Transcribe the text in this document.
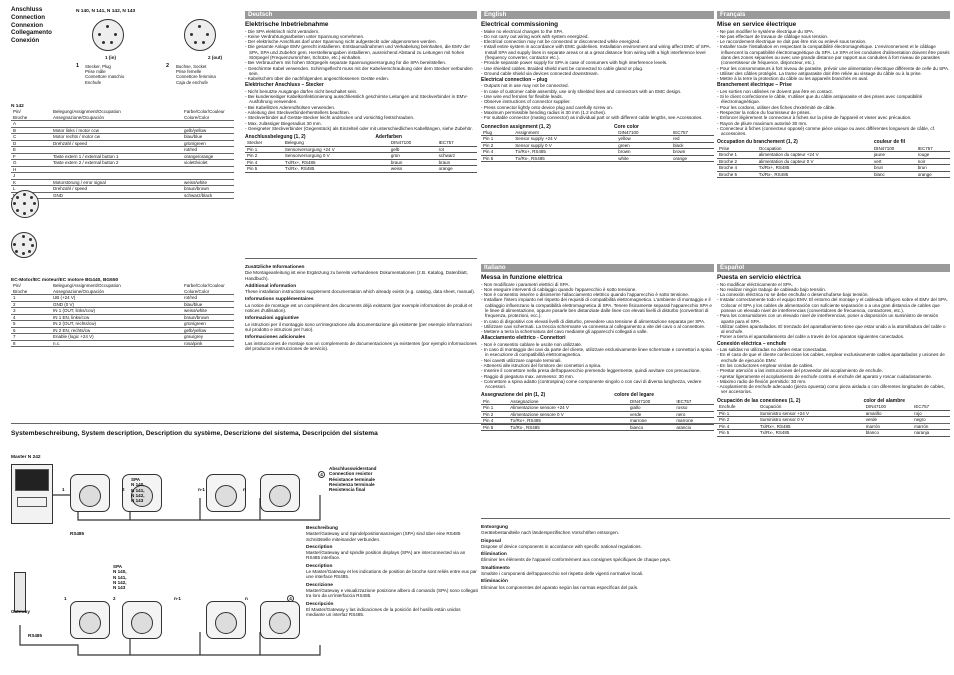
Anschluss
Connection
Connexion
Collegamento
Conexión
N 140, N 141, N 142, N 143
1 (in)	2 (out)
1 Stecker, Plug
Prise mâle
Connettore maschio
Enchufe
2 Buchse, Socket
Prise femelle
Connettore femmina
Caja de enchufe
N 142
Pin/	Belegung/Assignment/Occupation	Farbe/Color/Couleur
Broche	Assegnazione/Ocupación	Colore/Color
A		
B	Motor links / motor ccw	gelb/yellow
C	Motor rechts / motor cw	blau/blue
D	Drehzahl / speed	grün/green
E		rot/red
F	Taste extern 1 / external button 1	orange/orange
G	Taste extern 2 / external button 2	violett/violet
H		
J		
K	Motorstörung / error signal	weiss/white
L	Drehzahl / speed	braun/brown
	GND	schwarz/black
EC-Motor/EC moteur/EC motore BG440, BG650
Pin/	Belegung/Assignment/Occupation	Farbe/Color/Couleur
Broche	Assegnazione/Ocupación	Colore/Color
1	UB (+24 V)	rot/red
2	GND (0 V)	blau/blue
3	IN 1 (OUT, links/ccw)	weiss/white
4	IN 1 EN, links/ccw	braun/brown
5	IN 2 (OUT, rechts/cw)	grün/green
6	IN 2 EN, rechts/cw	gelb/yellow
7	Enable (logic +24 V)	grau/grey
8	n.c.	rosa/pink
Deutsch
Elektrische Inbetriebnahme
- Die SPA elektrisch nicht verändern.
- Keine Verdrahtungsarbeiten unter Spannung vornehmen.
- Der elektrische Anschluss darf unter Spannung nicht aufgesteckt oder abgenommen werden.
- Die gesamte Anlage EMV gerecht installieren. Entstaumaßnahmen und Verkabelung beinhalten, die EMV der SPA, SPA und Zubehör gem. Herstellerangaben installieren, ausreichend Abstand zu Leitungen mit hohen Störpegel (Frequenzumrichter, Schütze, etc.) einhalten.
- Bei Verbrauchern mit hohen Störpegeln separate Spannungsversorgung für die SPA bereitstellen.
- Geschirmte Kabel verwenden. Schirmgeflecht muss mit der Kabelverschraubung oder dem Stecker verbunden sein.
- Kabelschirm über die nachfolgenden angeschlossenen Geräte erden.
Elektrischer Anschluss – Stecker
- Nicht benutzte Ausgänge dürfen nicht beschaltet sein.
- Bei kundenseitiger Kabelkonfektionierung ausschliesslich geschirmte Leitungen und Steckverbinder in EMV-Ausführung verwenden.
- Bei Kabellitzen Aderendhülsen verwenden.
- Anleitung des Steckverbinderherstellers beachten.
- Steckverbinder auf Geräte-Stecker leicht andrücken und vorsichtig festschrauben.
- Max. zulässiger Biegeradius 30 mm.
- Geeigneter Steckverbinder (Gegenstück) als Einzelteil oder mit unterschiedlichen Kabellängen, siehe Zubehör.
Anschlussbelegung (1, 2)	Aderfarben
Stecker	Belegung	DIN47100	IEC757
Pin 1	Sensorversorgung +24 V	gelb	rot
Pin 2	Sensorversorgung 0 V	grün	schwarz
Pin 4	Tx/Rx+, RS485	braun	braun
Pin 5	Tx/Rx-, RS485	weiss	orange
English
Electrical commissioning
- Make no electrical changes to the SPA.
- Do not carry out wiring work with system energized.
- Electrical connection may not be connected or disconnected while energized.
- Install entire system in accordance with EMC guidelines. Installation environment and wiring affect EMC of SPA. Install SPA and supply lines in separate areas or at a great distance from wiring with a high interference level (frequency converter, contactor etc.).
- Provide separate power supply for SPA in case of consumers with high interference levels.
- Use shielded cables. Braided shield must be connected to cable gland or plug.
- Ground cable shield via devices connected downstream.
Electrical connection – plug
- Outputs not in use may not be connected.
- In case of customer cable assembly, use only shielded lines and connectors with an EMC design.
- Use wire end ferrules for flexible leads.
- Observe instructions of connector supplier.
- Press connector lightly onto device plug and carefully screw on.
- Maximum permissible bending radius is 30 mm (1.2 inches).
- For suitable connector (mating connector) as individual part or with different cable lengths, see Accessories.
Connection assignment (1, 2)	Core color
Plug	Assignment	DIN47100	IEC757
Pin 1	Sensor supply +24 V	yellow	red
Pin 2	Sensor supply 0 V	green	black
Pin 4	Tx/Rx+, RS485	brown	brown
Pin 5	Tx/Rx-, RS485	white	orange
Français
Mise en service électrique
- Ne pas modifier le système électrique du SPA.
- Ne pas effectuer de travaux de câblage sous tension.
- Le raccordement électrique ne doit pas être mis ou enlevé sous tension.
- Installer toute l'installation en respectant la compatibilité électromagnétique. L'environnement et le câblage influencent la compatibilité électromagnétique du SPA. Le SPA et les conduites d'alimentation doivent être posés dans des zones séparées ou avec une grande distance par rapport aux conduites à fort niveau de parasites (convertisseur de fréquence, disjoncteur, etc.).
- Pour les consommateurs à fort niveau de parasite, prévoir une alimentation électrique différente de celle du SPA.
- Utiliser des câbles protégés. La trame antiparasite doit être reliée au vissage du câble ou à la prise.
- Mettre à la terre la protection du câble ou les appareils branchés en aval.
Branchement électrique – Prise
- Les sorties non utilisées ne doivent pas être en contact.
- Si le client confectionne le câble, n'utiliser que du câble antiparasite et des prises avec compatibilité électromagnétique.
- Pour les cordons, utiliser des fiches d'extrémité de câble.
- Respecter la notice du fournisseur de prises.
- Enfoncer légèrement le connecteur à fiches sur la prise de l'appareil et visser avec précaution.
- Rayon de pliure maximum autorisé 30 mm.
- Connecteur à fiches (connecteur opposé) comme pièce unique ou avec différentes longueurs de câble, cf. accessoires.
Occupation du branchement (1, 2)	couleur de fil
Prise	Occupation	DIN47100	IEC757
Broche 1	alimentation du capteur +24 V	jaune	rouge
Broche 2	alimentation du capteur 0 V	vert	noir
Broche 4	Tx/Rx+, RS485	brun	brun
Broche 5	Tx/Rx-, RS485	blanc	orange
Zusätzliche Informationen
Die Montageanleitung ist eine Ergänzung zu bereits vorhandenen Dokumentationen (z.B. Katalog, Datenblatt, Handbuch).
Additional information
These installation instructions supplement documentation which already exists (e.g. catalog, data sheet, manual).
Informations supplémentaires
La notice de montage est un complément des documents déjà existants (par exemple informations de produit et notices d'utilisation).
Informazioni aggiuntive
Le istruzioni per il montaggio sono un'integrazione alla documentazione già esistente (per esempio informazioni sul prodotto e istruzioni per l'uso).
Informaciones adicionales
Las instrucciones de montaje son un complemento de documentaciones ya existentes (por ejemplo informaciones del producto e instrucciones de servicio).
Italiano
Messa in funzione elettrica
- Non modificare i parametri elettrici di SPA.
- Non eseguire interventi di cablaggio quando l'apparecchio è sotto tensione.
- Non è consentito inserire o disinserire l'allacciamento elettrico quando l'apparecchio è sotto tensione.
- Installare l'intero impianto nel rispetto dei requisiti di compatibilità elettromagnetica. L'ambiente di montaggio e il cablaggio influenzano la compatibilità elettromagnetica di SPA. Tenere fisicamente separati l'apparecchio SPA e le linee di alimentazione, oppure posarle ben distanziate dalle linee con elevati livelli di disturbo (convertitori di frequenza, protezioni, ecc.).
- In caso di dispositivi con elevati livelli di disturbo, prevedere una tensione di alimentazione separata per SPA.
- Utilizzare cavi schermati. La treccia schermante va connessa al collegamento a vite del cavo o al connettore.
- Mettere a terra la schermatura del cavo mediante gli apparecchi collegati a valle.
Allacciamento elettrico - Connettori
- Non è consentito cablare le uscite non utilizzate.
- In caso di montaggio dei cavi da parte del cliente, utilizzare esclusivamente linee schermate e connettori a spina in esecuzione di compatibilità elettromagnetica.
- Nei cavetti utilizzare capsule terminali.
- Attenersi alle istruzioni del fornitore dei connettori a spina.
- Inserire il connettore nella presa dell'apparecchio premendo leggermente, quindi avvitare con precauzione.
- Raggio di piegatura max. ammesso: 30 mm.
- Connettore a spina adatto (controspina) come componente singolo o con cavi di diversa lunghezza, vedere Accessori.
Assegnazione dei pin (1, 2)	colore del legare
Pin	Assegnazione	DIN47100	IEC757
Pin 1	Alimentazione sensore +24 V	giallo	rosso
Pin 2	Alimentazione sensore 0 V	verde	nero
Pin 4	Tx/Rx+, RS485	marrone	marrone
Pin 5	Tx/Rx-, RS485	bianco	arancio
Español
Puesta en servicio eléctrica
- No modificar eléctricamente el SPA.
- No realizar ningún trabajo de cableado bajo tensión.
- La conexión eléctrica no se debe enchufar o desenchufarse bajo tensión.
- Instalar correctamente todo el equipo EMV. El entorno del montaje y el cableado influyen sobre el EMV del SPA. Colocar el SPA y los cables de alimentación con suficiente separación o a una gran distancia de cables que posean un elevado nivel de interferencias (convertidores de frecuencia, contactores, etc.).
- Para los consumidores con un elevado nivel de interferencias, poner a disposición un suministro de tensión aparte para el SPA.
- Utilizar cables apantallados. El trenzado del apantallamiento tiene que estar unido a la atornilladura del cable o al enchufe.
- Poner a tierra el apantallamiento del cable a través de los aparatos siguientes conectados.
Conexión eléctrica – enchufe
- Las salidas no utilizadas no deben estar conectadas.
- En el caso de que el cliente confeccione los cables, emplear exclusivamente cables apantallados y uniones de enchufe de ejecución EMV.
- En los conductores emplear virolas de cables.
- Prestar atención a las instrucciones del proveedor del acoplamiento de enchufe.
- Apretar ligeramente el acoplamiento de enchufe contra el enchufe del aparato y roscar cuidadosamente.
- Máximo radio de flexión permitido: 30 mm.
- Acoplamiento de enchufe adecuado (pieza opuesta) como pieza aislada o con diferentes longitudes de cables, ver accesorios.
Ocupación de las conexiones (1, 2)	color del alambre
Enchufe	Ocupación	DIN47100	IEC757
Pin 1	Suministro sensor +24 V	amarillo	rojo
Pin 2	Suministro sensor 0 V	verde	negro
Pin 4	Tx/Rx+, RS485	marrón	marrón
Pin 5	Tx/Rx-, RS485	blanco	naranja
Entsorgung
Gerätebestandteile nach länderspezifischen Vorschriften entsorgen.
Disposal
Dispose of device components in accordance with specific national regulations.
Élimination
Éliminer les éléments de l'appareil conformément aux consignes spécifiques de chaque pays.
Smaltimento
Smaltire i componenti dell'apparecchio nel rispetto delle vigenti normative locali.
Eliminación
Eliminar los componentes del aparato según las normas específicas del país.
Systembeschreibung, System description, Description du système, Descrizione del sistema, Descripción del sistema
Master N 242
RS485
SPA
N 140,
N 141,
N 142,
N 143
1	2	n-1	n
4
Abschlusswiderstand
Connection resistor
Résistance terminale
Resistenza terminale
Resistencia final
Gateway
RS485
SPA
N 140,
N 141,
N 142,
N 143
1	2	n-1	n	4
Beschreibung
Master/Gateway und Spindelpositionsanzeigen (SPA) sind über eine RS485 Schnittstelle miteinander verbunden.
Description
Master/Gateway and spindle position displays (SPA) are interconnected via an RS485 interface.
Description
Le Master/Gateway et les indications de position de broche sont reliés entre eux par une interface RS485.
Descrizione
Master/Gateway e visualizzazione posizione albero di comando (SPA) sono collegati tra loro da un'interfaccia RS485.
Descripción
El Master/Gateway y las indicaciones de la posición del husillo están unidos mediante un interfaz RS485.
